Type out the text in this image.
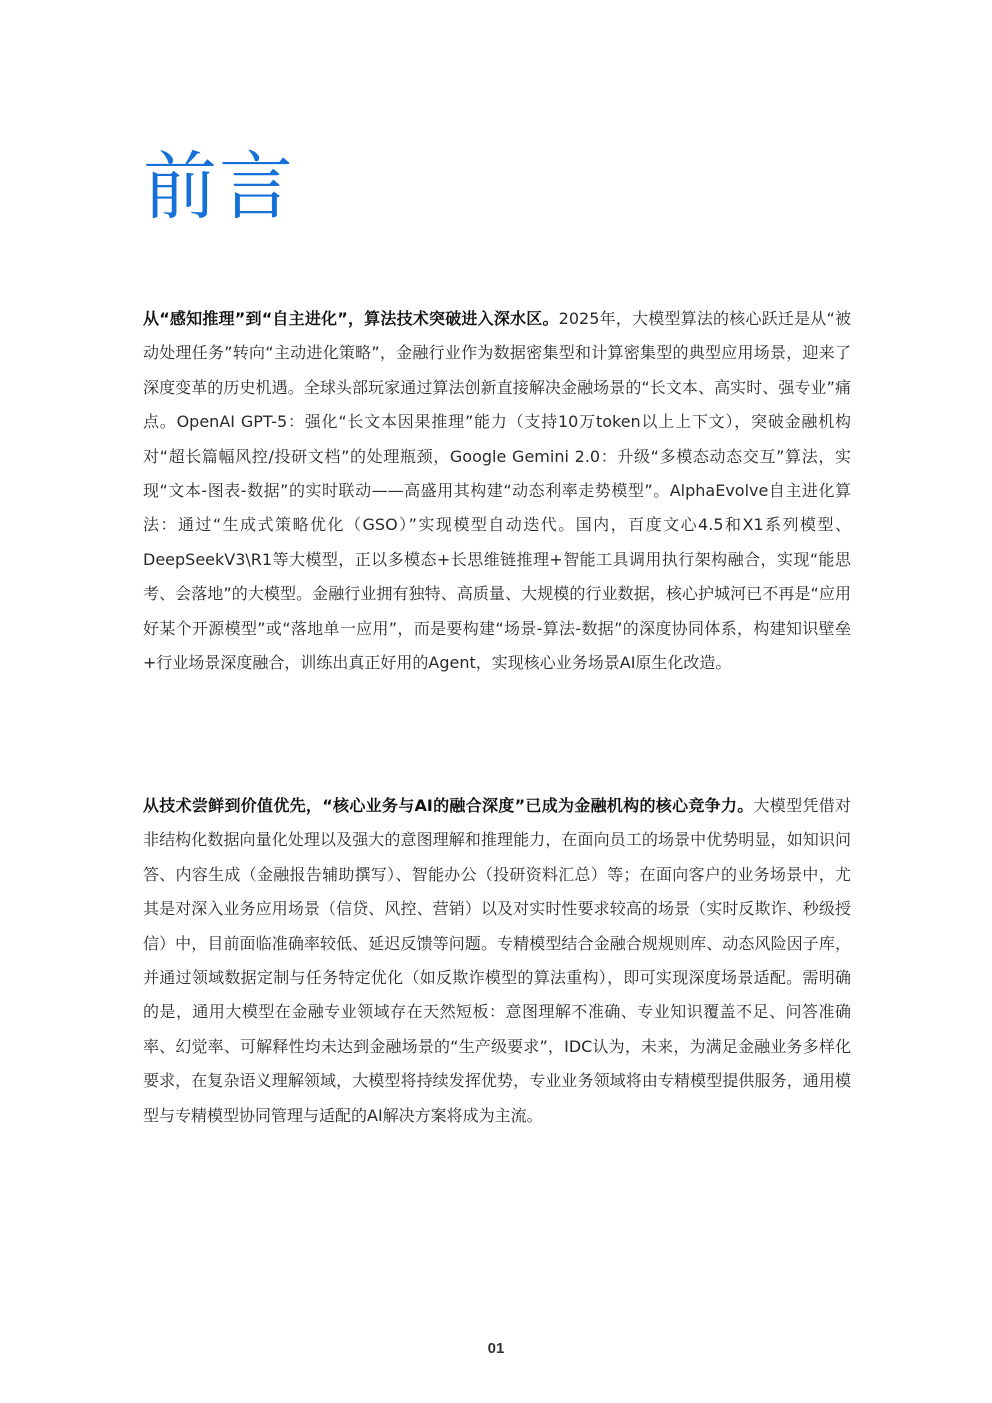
前言

从“感知推理”到“自主进化”，算法技术突破进入深水区。2025年，大模型算法的核心跃迁是从“被动处理任务”转向“主动进化策略”，金融行业作为数据密集型和计算密集型的典型应用场景，迎来了深度变革的历史机遇。全球头部玩家通过算法创新直接解决金融场景的“长文本、高实时、强专业”痛点。OpenAI GPT-5：强化“长文本因果推理”能力（支持10万token以上上下文），突破金融机构对“超长篇幅风控/投研文档”的处理瓶颈，Google Gemini 2.0：升级“多模态动态交互”算法，实现“文本-图表-数据”的实时联动——高盛用其构建“动态利率走势模型”。AlphaEvolve自主进化算法：通过“生成式策略优化（GSO）”实现模型自动迭代。国内，百度文心4.5和X1系列模型、DeepSeekV3\R1等大模型，正以多模态+长思维链推理+智能工具调用执行架构融合，实现“能思考、会落地”的大模型。金融行业拥有独特、高质量、大规模的行业数据，核心护城河已不再是“应用好某个开源模型”或“落地单一应用”，而是要构建“场景-算法-数据”的深度协同体系，构建知识壁垒+行业场景深度融合，训练出真正好用的Agent，实现核心业务场景AI原生化改造。

从技术尝鲜到价值优先，“核心业务与AI的融合深度”已成为金融机构的核心竞争力。大模型凭借对非结构化数据向量化处理以及强大的意图理解和推理能力，在面向员工的场景中优势明显，如知识问答、内容生成（金融报告辅助撰写）、智能办公（投研资料汇总）等；在面向客户的业务场景中，尤其是对深入业务应用场景（信贷、风控、营销）以及对实时性要求较高的场景（实时反欺诈、秒级授信）中，目前面临准确率较低、延迟反馈等问题。专精模型结合金融合规规则库、动态风险因子库，并通过领域数据定制与任务特定优化（如反欺诈模型的算法重构），即可实现深度场景适配。需明确的是，通用大模型在金融专业领域存在天然短板：意图理解不准确、专业知识覆盖不足、问答准确率、幻觉率、可解释性均未达到金融场景的“生产级要求”，IDC认为，未来，为满足金融业务多样化要求，在复杂语义理解领域，大模型将持续发挥优势，专业业务领域将由专精模型提供服务，通用模型与专精模型协同管理与适配的AI解决方案将成为主流。

01
